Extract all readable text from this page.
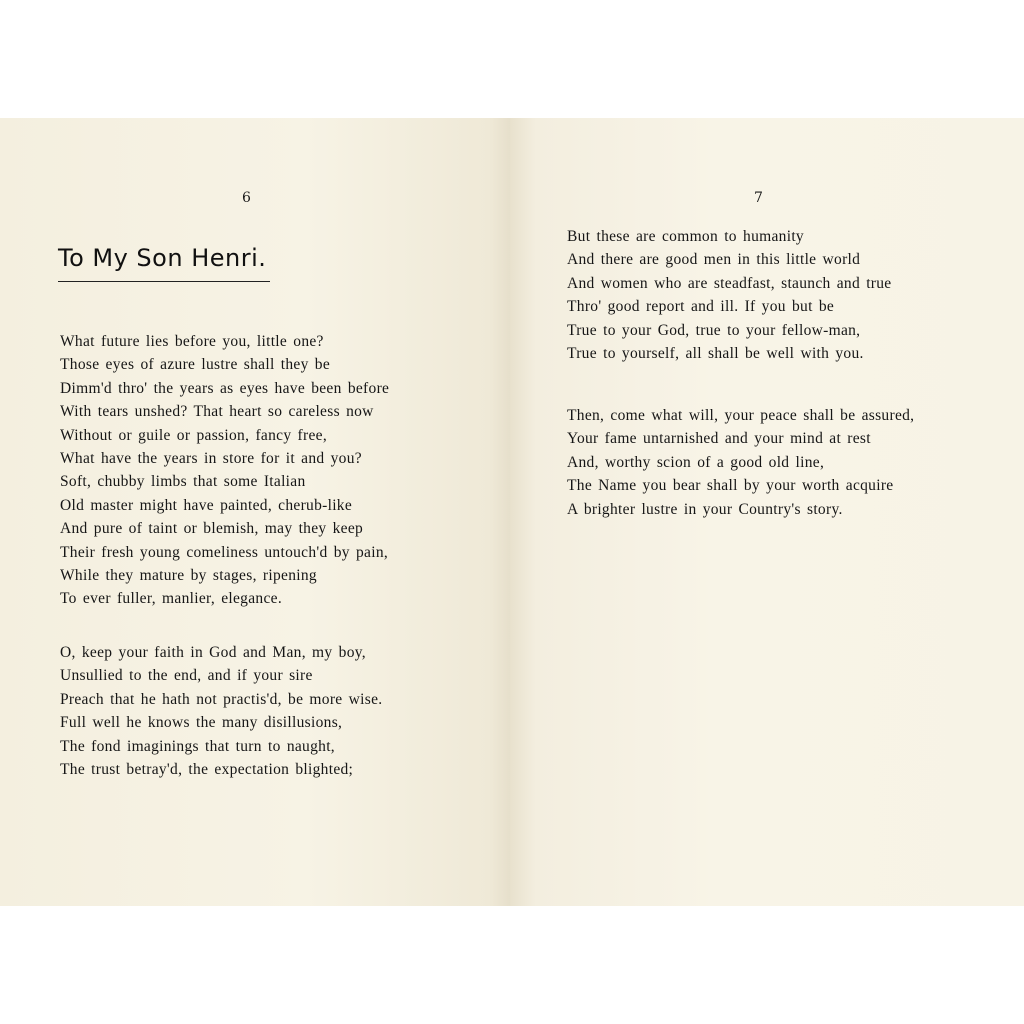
6
To My Son Henri.
What future lies before you, little one?
Those eyes of azure lustre shall they be
Dimm'd thro' the years as eyes have been before
With tears unshed? That heart so careless now
Without or guile or passion, fancy free,
What have the years in store for it and you?
Soft, chubby limbs that some Italian
Old master might have painted, cherub-like
And pure of taint or blemish, may they keep
Their fresh young comeliness untouch'd by pain,
While they mature by stages, ripening
To ever fuller, manlier, elegance.
O, keep your faith in God and Man, my boy,
Unsullied to the end, and if your sire
Preach that he hath not practis'd, be more wise.
Full well he knows the many disillusions,
The fond imaginings that turn to naught,
The trust betray'd, the expectation blighted;
7
But these are common to humanity
And there are good men in this little world
And women who are steadfast, staunch and true
Thro' good report and ill. If you but be
True to your God, true to your fellow-man,
True to yourself, all shall be well with you.
Then, come what will, your peace shall be assured,
Your fame untarnished and your mind at rest
And, worthy scion of a good old line,
The Name you bear shall by your worth acquire
A brighter lustre in your Country's story.
